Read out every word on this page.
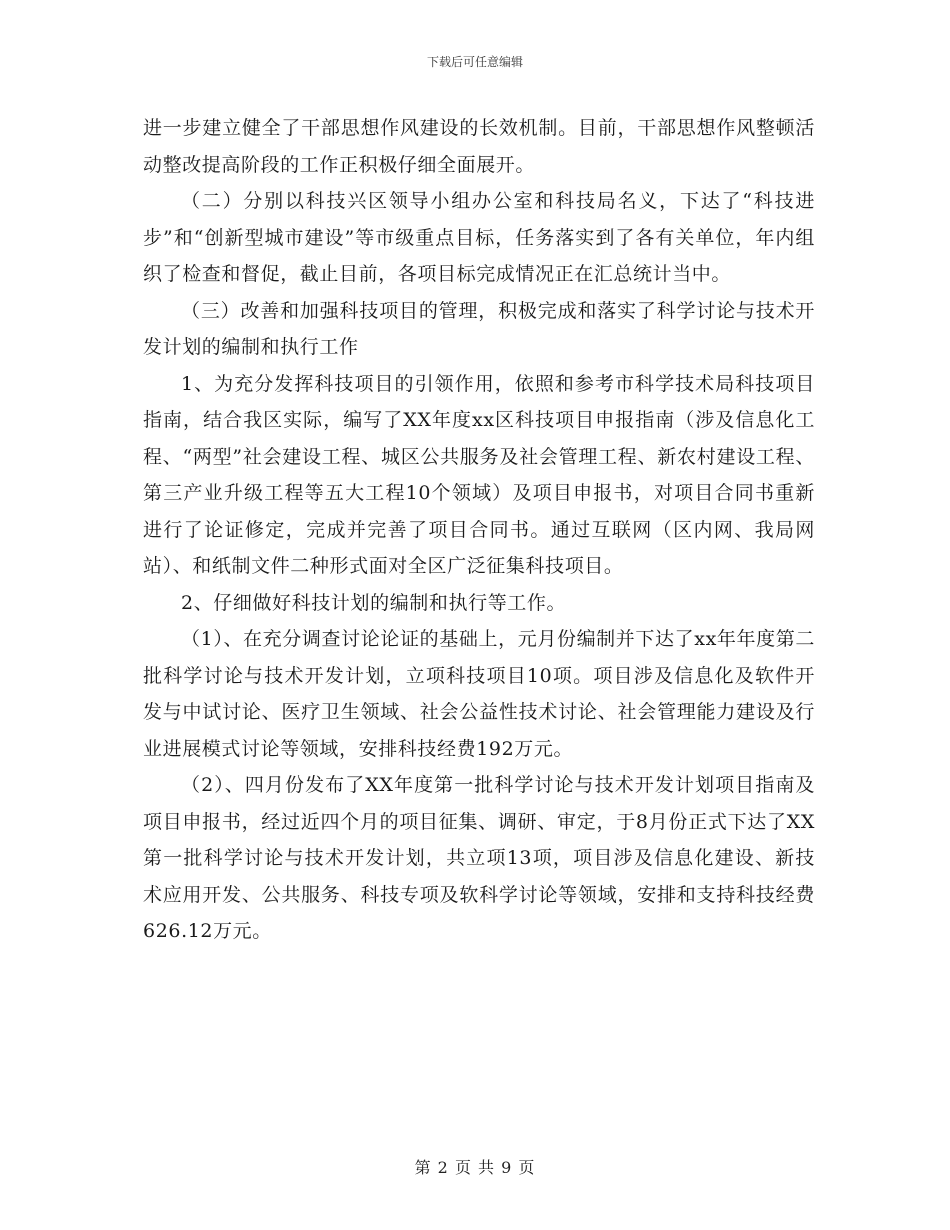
下载后可任意编辑

进一步建立健全了干部思想作风建设的长效机制。目前，干部思想作风整顿活动整改提高阶段的工作正积极仔细全面展开。

（二）分别以科技兴区领导小组办公室和科技局名义，下达了“科技进步”和“创新型城市建设”等市级重点目标，任务落实到了各有关单位，年内组织了检查和督促，截止目前，各项目标完成情况正在汇总统计当中。

（三）改善和加强科技项目的管理，积极完成和落实了科学讨论与技术开发计划的编制和执行工作

1、为充分发挥科技项目的引领作用，依照和参考市科学技术局科技项目指南，结合我区实际，编写了XX年度xx区科技项目申报指南（涉及信息化工程、“两型”社会建设工程、城区公共服务及社会管理工程、新农村建设工程、第三产业升级工程等五大工程10个领域）及项目申报书，对项目合同书重新进行了论证修定，完成并完善了项目合同书。通过互联网（区内网、我局网站）、和纸制文件二种形式面对全区广泛征集科技项目。

2、仔细做好科技计划的编制和执行等工作。

（1）、在充分调查讨论论证的基础上，元月份编制并下达了xx年年度第二批科学讨论与技术开发计划，立项科技项目10项。项目涉及信息化及软件开发与中试讨论、医疗卫生领域、社会公益性技术讨论、社会管理能力建设及行业进展模式讨论等领域，安排科技经费192万元。

（2）、四月份发布了XX年度第一批科学讨论与技术开发计划项目指南及项目申报书，经过近四个月的项目征集、调研、审定，于8月份正式下达了XX第一批科学讨论与技术开发计划，共立项13项，项目涉及信息化建设、新技术应用开发、公共服务、科技专项及软科学讨论等领域，安排和支持科技经费626.12万元。

第 2 页 共 9 页
